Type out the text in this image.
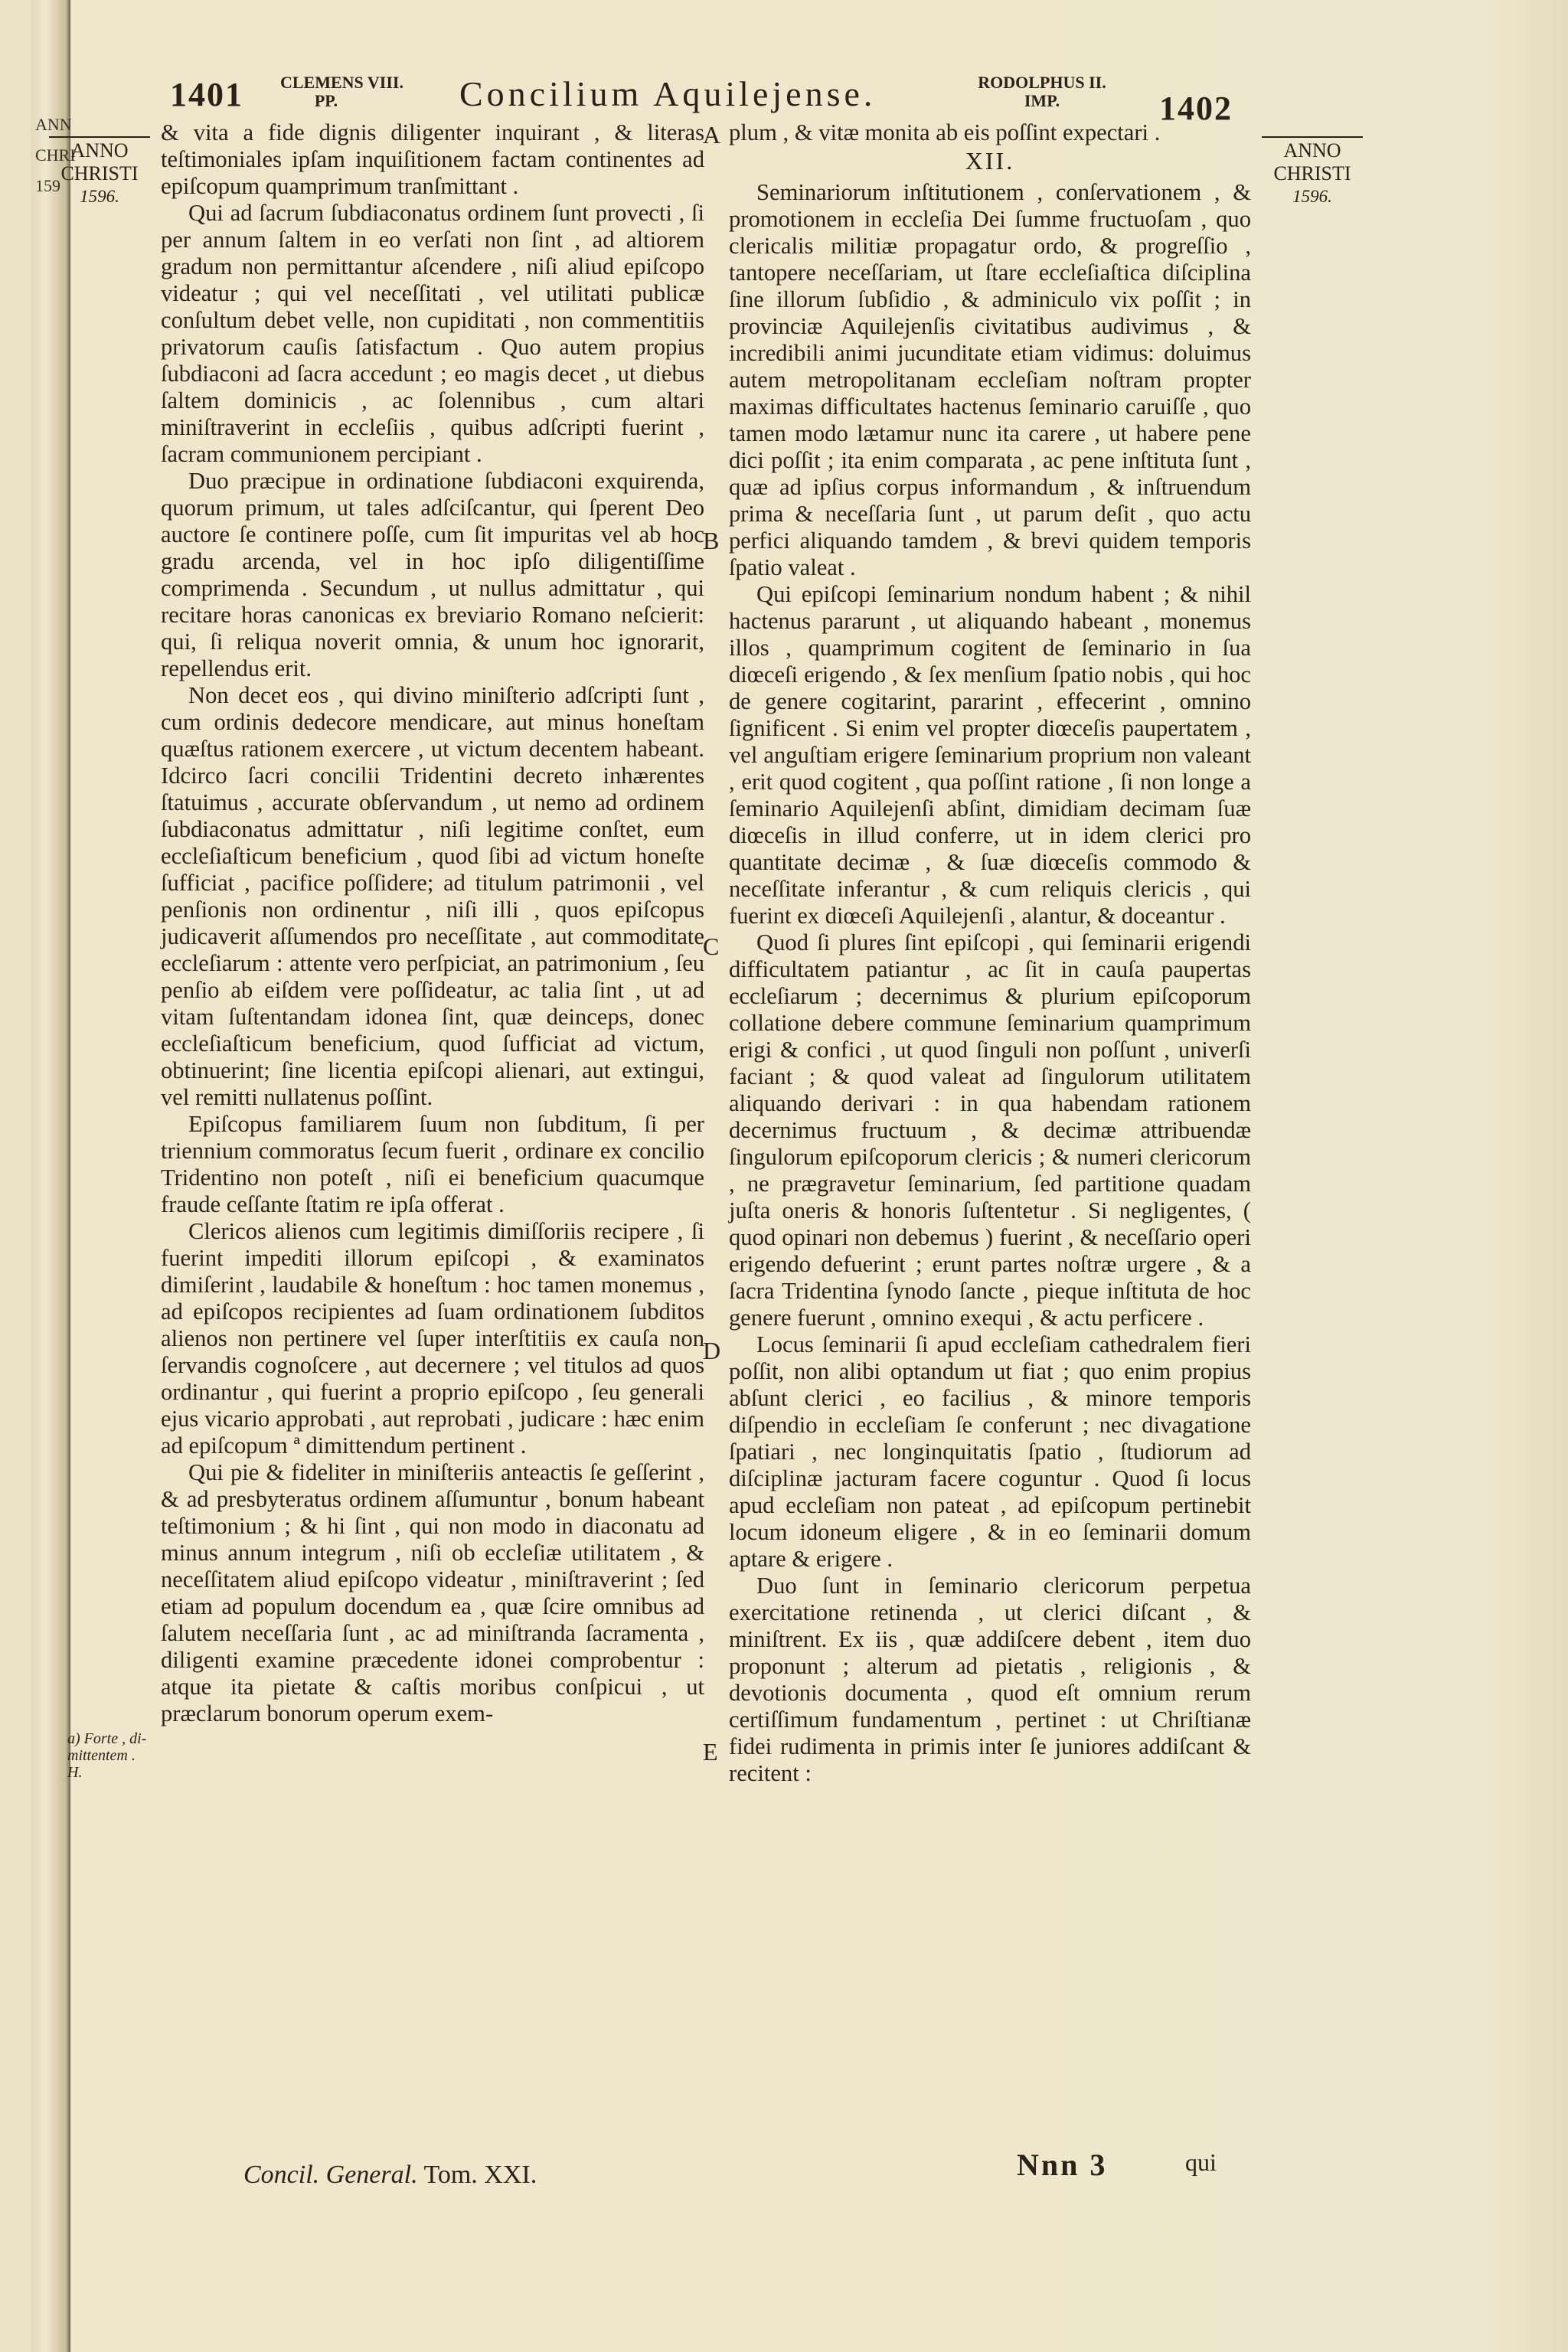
ANN
CHRI
159
1401 CLEMENS VIII.
PP.	Concilium Aquilejense.	RODOLPHUS II.
IMP.	1402
ANNO
CHRISTI
1596.
ANNO
CHRISTI
1596.

& vita a fide dignis diligenter inquirant , & literas teſtimoniales ipſam inquiſitionem factam continentes ad epiſcopum quamprimum tranſmittant .

Qui ad ſacrum ſubdiaconatus ordinem ſunt provecti , ſi per annum ſaltem in eo verſati non ſint , ad altiorem gradum non permittantur aſcendere , niſi aliud epiſcopo videatur ; qui vel neceſſitati , vel utilitati publicæ conſultum debet velle, non cupiditati , non commentitiis privatorum cauſis ſatisfactum . Quo autem propius ſubdiaconi ad ſacra accedunt ; eo magis decet , ut diebus ſaltem dominicis , ac ſolennibus , cum altari miniſtraverint in eccleſiis , quibus adſcripti fuerint , ſacram communionem percipiant .

Duo præcipue in ordinatione ſubdiaconi exquirenda, quorum primum, ut tales adſciſcantur, qui ſperent Deo auctore ſe continere poſſe, cum ſit impuritas vel ab hoc gradu arcenda, vel in hoc ipſo diligentiſſime comprimenda . Secundum , ut nullus admittatur , qui recitare horas canonicas ex breviario Romano neſcierit: qui, ſi reliqua noverit omnia, & unum hoc ignorarit, repellendus erit.

Non decet eos , qui divino miniſterio adſcripti ſunt , cum ordinis dedecore mendicare, aut minus honeſtam quæſtus rationem exercere , ut victum decentem habeant. Idcirco ſacri concilii Tridentini decreto inhærentes ſtatuimus , accurate obſervandum , ut nemo ad ordinem ſubdiaconatus admittatur , niſi legitime conſtet, eum eccleſiaſticum beneficium , quod ſibi ad victum honeſte ſufficiat , pacifice poſſidere; ad titulum patrimonii , vel penſionis non ordinentur , niſi illi , quos epiſcopus judicaverit aſſumendos pro neceſſitate , aut commoditate eccleſiarum : attente vero perſpiciat, an patrimonium , ſeu penſio ab eiſdem vere poſſideatur, ac talia ſint , ut ad vitam ſuſtentandam idonea ſint, quæ deinceps, donec eccleſiaſticum beneficium, quod ſufficiat ad victum, obtinuerint; ſine licentia epiſcopi alienari, aut extingui, vel remitti nullatenus poſſint.

Epiſcopus familiarem ſuum non ſubditum, ſi per triennium commoratus ſecum fuerit , ordinare ex concilio Tridentino non poteſt , niſi ei beneficium quacumque fraude ceſſante ſtatim re ipſa offerat .

Clericos alienos cum legitimis dimiſſoriis recipere , ſi fuerint impediti illorum epiſcopi , & examinatos dimiſerint , laudabile & honeſtum : hoc tamen monemus , ad epiſcopos recipientes ad ſuam ordinationem ſubditos alienos non pertinere vel ſuper interſtitiis ex cauſa non ſervandis cognoſcere , aut decernere ; vel titulos ad quos ordinantur , qui fuerint a proprio epiſcopo , ſeu generali ejus vicario approbati , aut reprobati , judicare : hæc enim ad epiſcopum ª dimittendum pertinent .

Qui pie & fideliter in miniſteriis anteactis ſe geſſerint , & ad presbyteratus ordinem aſſumuntur , bonum habeant teſtimonium ; & hi ſint , qui non modo in diaconatu ad minus annum integrum , niſi ob eccleſiæ utilitatem , & neceſſitatem aliud epiſcopo videatur , miniſtraverint ; ſed etiam ad populum docendum ea , quæ ſcire omnibus ad ſalutem neceſſaria ſunt , ac ad miniſtranda ſacramenta , diligenti examine præcedente idonei comprobentur : atque ita pietate & caſtis moribus conſpicui , ut præclarum bonorum operum exem-

A
B
C
D
E

plum , & vitæ monita ab eis poſſint expectari .

XII.

Seminariorum inſtitutionem , conſervationem , & promotionem in eccleſia Dei ſumme fructuoſam , quo clericalis militiæ propagatur ordo, & progreſſio , tantopere neceſſariam, ut ſtare eccleſiaſtica diſciplina ſine illorum ſubſidio , & adminiculo vix poſſit ; in provinciæ Aquilejenſis civitatibus audivimus , & incredibili animi jucunditate etiam vidimus: doluimus autem metropolitanam eccleſiam noſtram propter maximas difficultates hactenus ſeminario caruiſſe , quo tamen modo lætamur nunc ita carere , ut habere pene dici poſſit ; ita enim comparata , ac pene inſtituta ſunt , quæ ad ipſius corpus informandum , & inſtruendum prima & neceſſaria ſunt , ut parum deſit , quo actu perfici aliquando tamdem , & brevi quidem temporis ſpatio valeat .

Qui epiſcopi ſeminarium nondum habent ; & nihil hactenus pararunt , ut aliquando habeant , monemus illos , quamprimum cogitent de ſeminario in ſua diœceſi erigendo , & ſex menſium ſpatio nobis , qui hoc de genere cogitarint, pararint , effecerint , omnino ſignificent . Si enim vel propter diœceſis paupertatem , vel anguſtiam erigere ſeminarium proprium non valeant , erit quod cogitent , qua poſſint ratione , ſi non longe a ſeminario Aquilejenſi abſint, dimidiam decimam ſuæ diœceſis in illud conferre, ut in idem clerici pro quantitate decimæ , & ſuæ diœceſis commodo & neceſſitate inferantur , & cum reliquis clericis , qui fuerint ex diœceſi Aquilejenſi , alantur, & doceantur .

Quod ſi plures ſint epiſcopi , qui ſeminarii erigendi difficultatem patiantur , ac ſit in cauſa paupertas eccleſiarum ; decernimus & plurium epiſcoporum collatione debere commune ſeminarium quamprimum erigi & confici , ut quod ſinguli non poſſunt , univerſi faciant ; & quod valeat ad ſingulorum utilitatem aliquando derivari : in qua habendam rationem decernimus fructuum , & decimæ attribuendæ ſingulorum epiſcoporum clericis ; & numeri clericorum , ne prægravetur ſeminarium, ſed partitione quadam juſta oneris & honoris ſuſtentetur . Si negligentes, ( quod opinari non debemus ) fuerint , & neceſſario operi erigendo defuerint ; erunt partes noſtræ urgere , & a ſacra Tridentina ſynodo ſancte , pieque inſtituta de hoc genere fuerunt , omnino exequi , & actu perficere .

Locus ſeminarii ſi apud eccleſiam cathedralem fieri poſſit, non alibi optandum ut fiat ; quo enim propius abſunt clerici , eo facilius , & minore temporis diſpendio in eccleſiam ſe conferunt ; nec divagatione ſpatiari , nec longinquitatis ſpatio , ſtudiorum ad diſciplinæ jacturam facere coguntur . Quod ſi locus apud eccleſiam non pateat , ad epiſcopum pertinebit locum idoneum eligere , & in eo ſeminarii domum aptare & erigere .

Duo ſunt in ſeminario clericorum perpetua exercitatione retinenda , ut clerici diſcant , & miniſtrent. Ex iis , quæ addiſcere debent , item duo proponunt ; alterum ad pietatis , religionis , & devotionis documenta , quod eſt omnium rerum certiſſimum fundamentum , pertinet : ut Chriſtianæ fidei rudimenta in primis inter ſe juniores addiſcant & recitent :

a) Forte , di-
mittentem .
H.
Concil. General. Tom. XXI.	Nnn 3	qui
